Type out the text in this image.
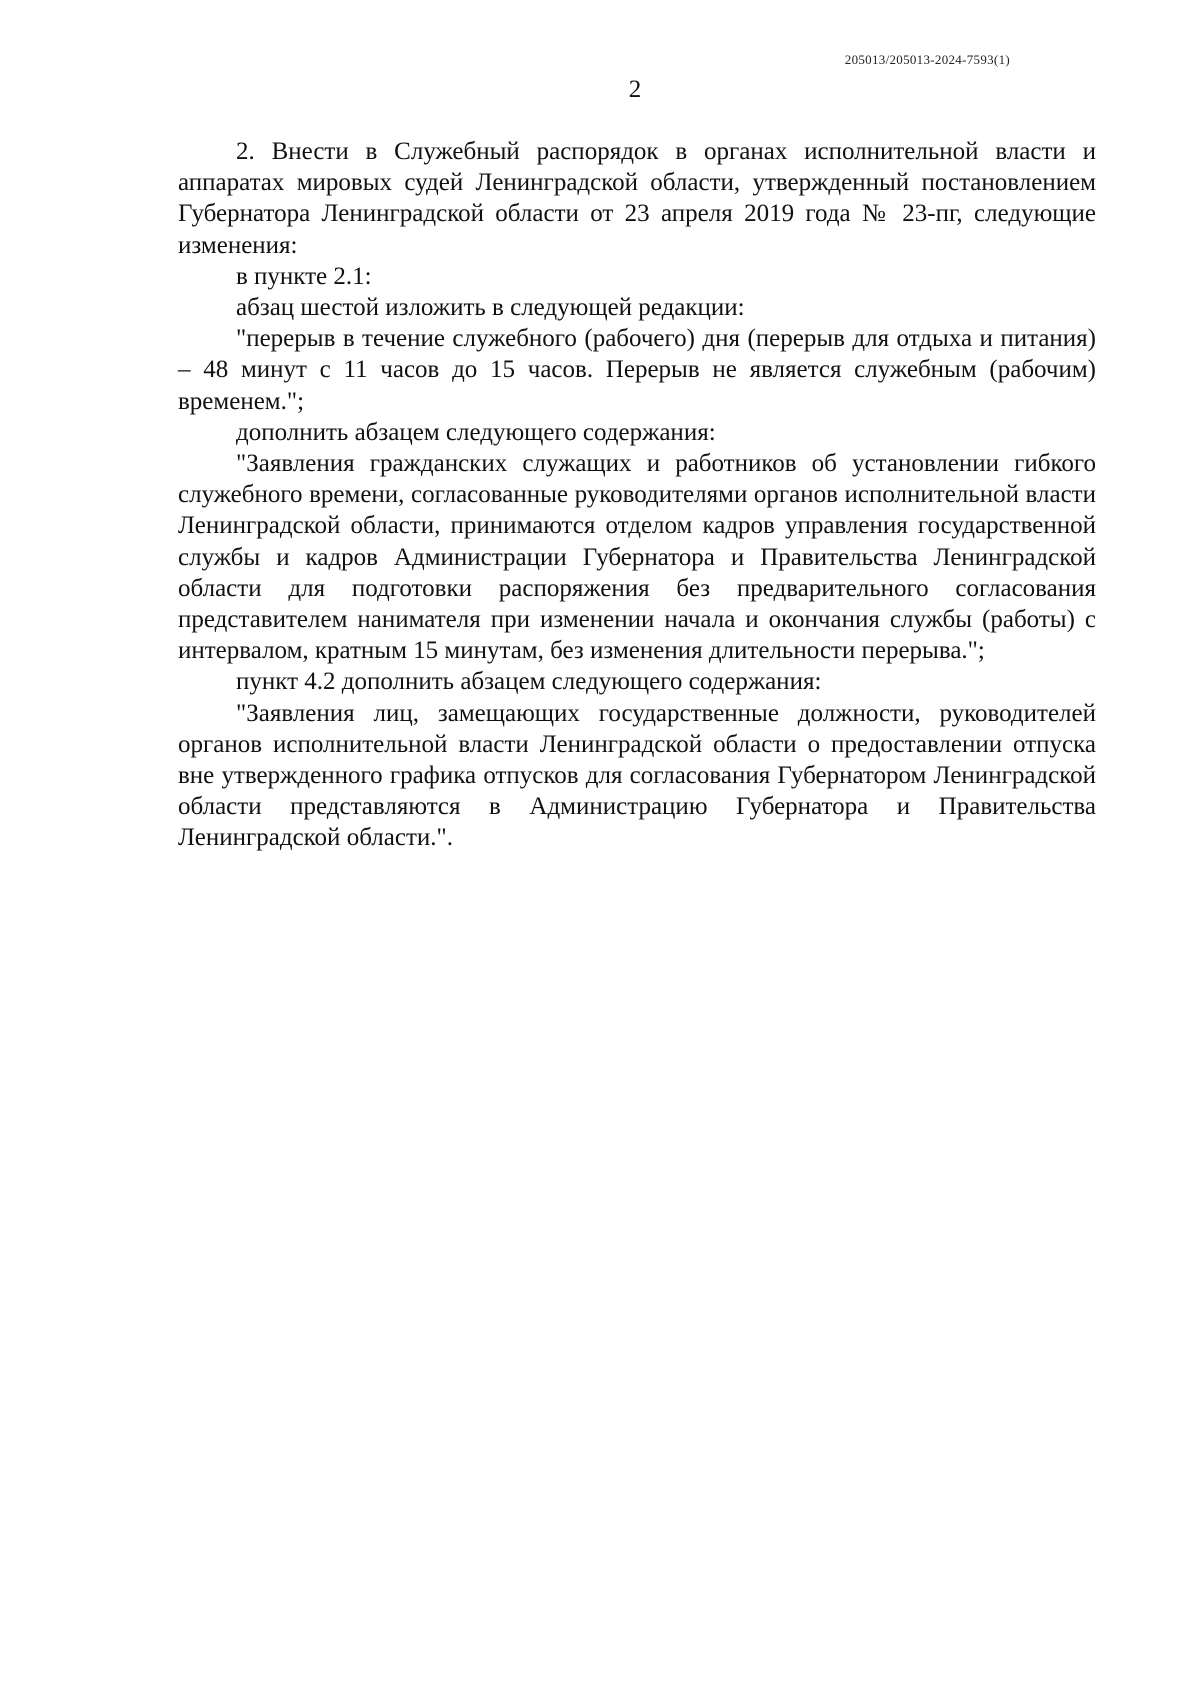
205013/205013-2024-7593(1)
2

2. Внести в Служебный распорядок в органах исполнительной власти и аппаратах мировых судей Ленинградской области, утвержденный постановлением Губернатора Ленинградской области от 23 апреля 2019 года № 23-пг, следующие изменения:

в пункте 2.1:

абзац шестой изложить в следующей редакции:

"перерыв в течение служебного (рабочего) дня (перерыв для отдыха и питания) – 48 минут с 11 часов до 15 часов. Перерыв не является служебным (рабочим) временем.";

дополнить абзацем следующего содержания:

"Заявления гражданских служащих и работников об установлении гибкого служебного времени, согласованные руководителями органов исполнительной власти Ленинградской области, принимаются отделом кадров управления государственной службы и кадров Администрации Губернатора и Правительства Ленинградской области для подготовки распоряжения без предварительного согласования представителем нанимателя при изменении начала и окончания службы (работы) с интервалом, кратным 15 минутам, без изменения длительности перерыва.";

пункт 4.2 дополнить абзацем следующего содержания:

"Заявления лиц, замещающих государственные должности, руководителей органов исполнительной власти Ленинградской области о предоставлении отпуска вне утвержденного графика отпусков для согласования Губернатором Ленинградской области представляются в Администрацию Губернатора и Правительства Ленинградской области.".
